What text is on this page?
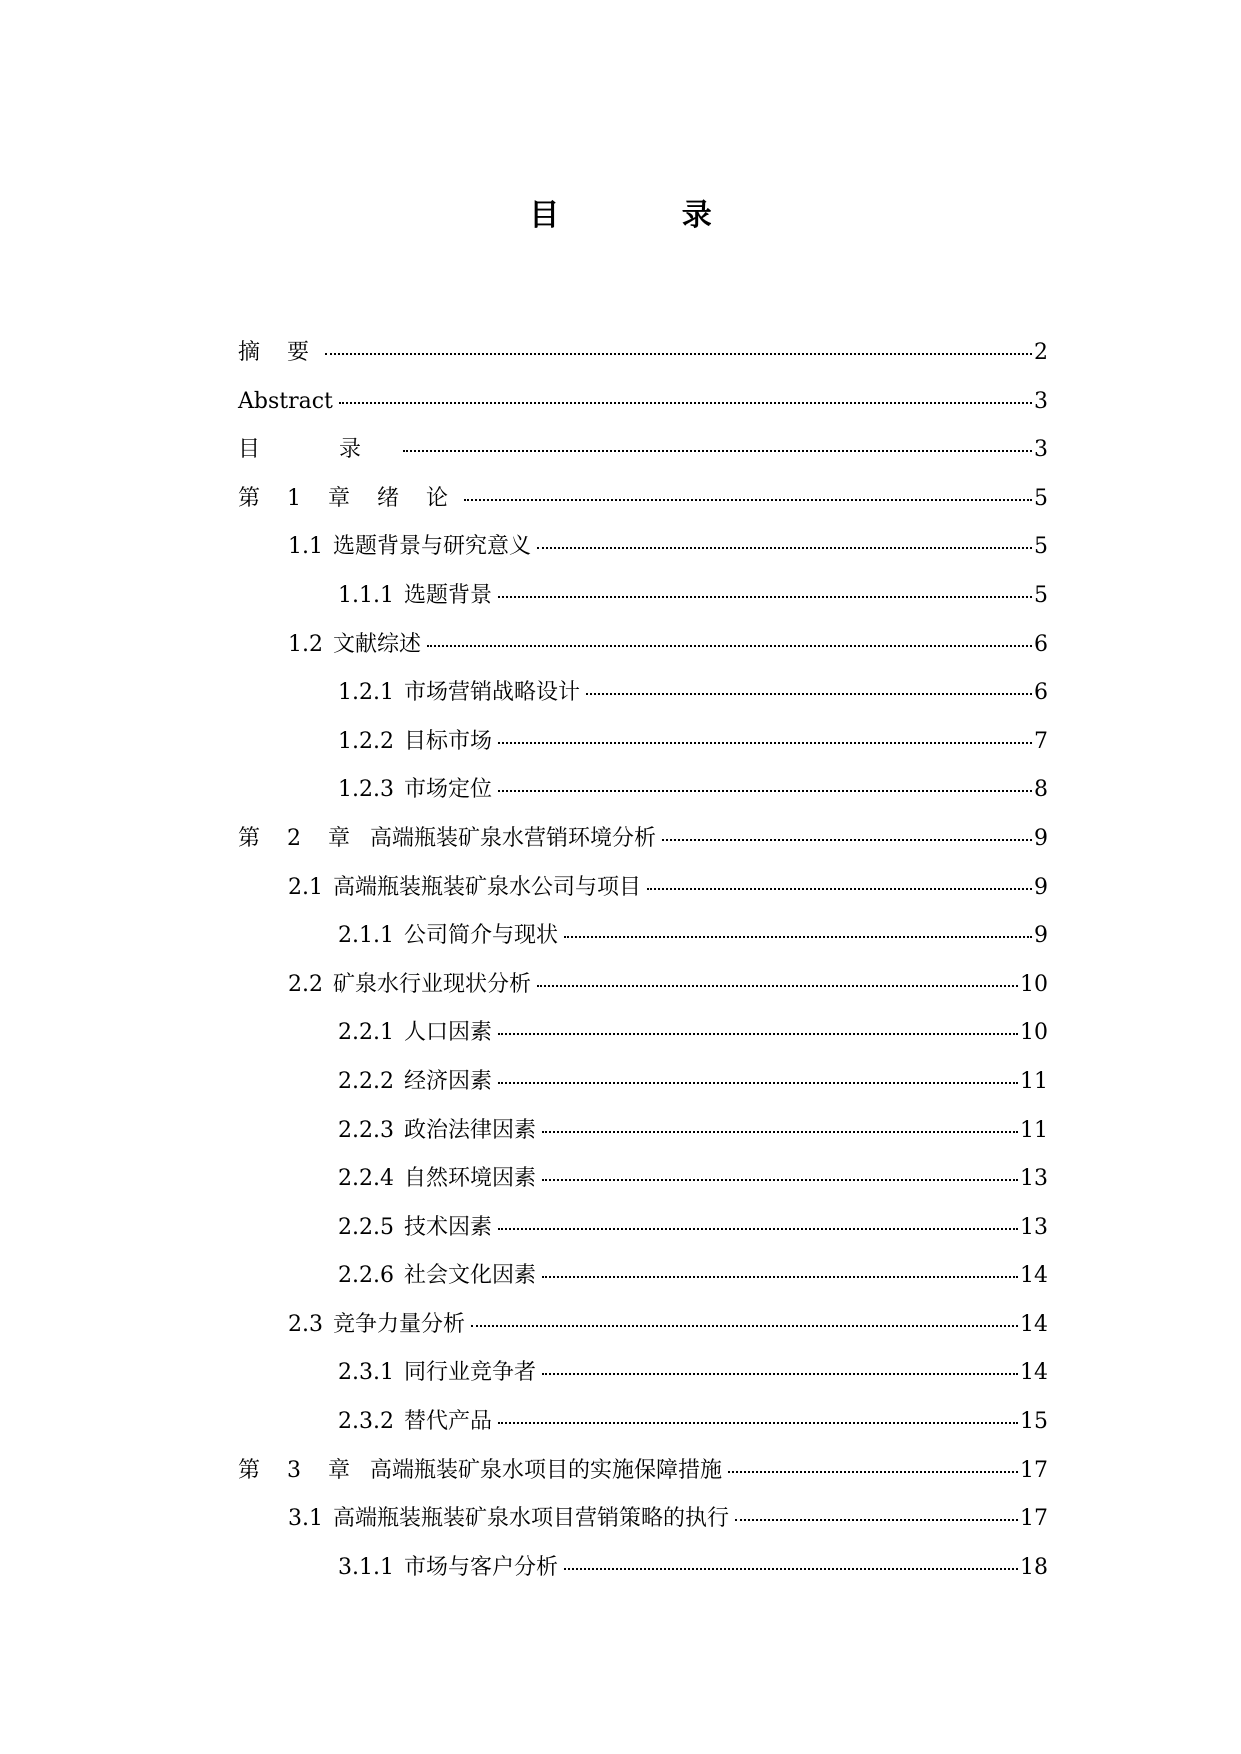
目 录
摘 要	2
Abstract	3
目 录	3
第 1 章 绪 论	5
1.1 选题背景与研究意义	5
1.1.1 选题背景	5
1.2 文献综述	6
1.2.1 市场营销战略设计	6
1.2.2 目标市场	7
1.2.3 市场定位	8
第 2 章 高端瓶装矿泉水营销环境分析	9
2.1 高端瓶装瓶装矿泉水公司与项目	9
2.1.1 公司简介与现状	9
2.2 矿泉水行业现状分析	10
2.2.1 人口因素	10
2.2.2 经济因素	11
2.2.3 政治法律因素	11
2.2.4 自然环境因素	13
2.2.5 技术因素	13
2.2.6 社会文化因素	14
2.3 竞争力量分析	14
2.3.1 同行业竞争者	14
2.3.2 替代产品	15
第 3 章 高端瓶装矿泉水项目的实施保障措施	17
3.1 高端瓶装瓶装矿泉水项目营销策略的执行	17
3.1.1 市场与客户分析	18
